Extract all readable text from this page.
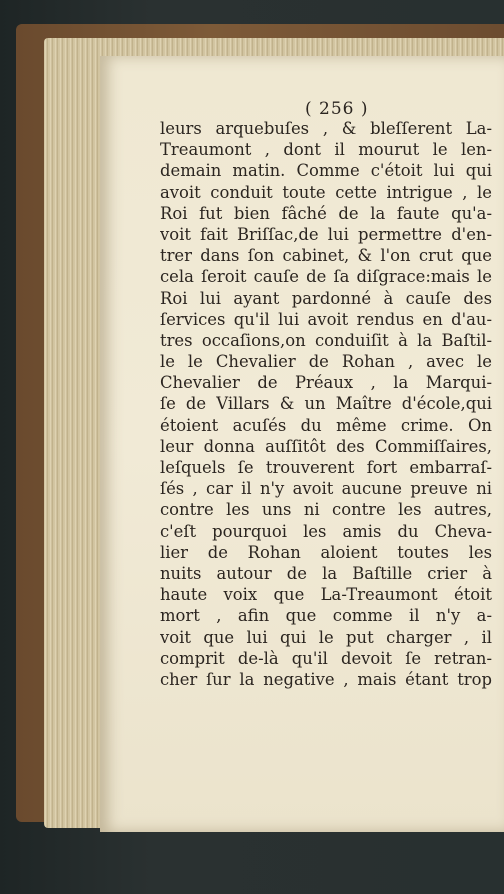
( 256 )
leurs arquebuſes , & bleſſerent La-
Treaumont , dont il mourut le len-
demain matin. Comme c'étoit lui qui
avoit conduit toute cette intrigue , le
Roi fut bien fâché de la faute qu'a-
voit fait Briſſac,de lui permettre d'en-
trer dans ſon cabinet, & l'on crut que
cela ſeroit cauſe de ſa diſgrace:mais le
Roi lui ayant pardonné à cauſe des
ſervices qu'il lui avoit rendus en d'au-
tres occaſions,on conduiſit à la Baſtil-
le le Chevalier de Rohan , avec le
Chevalier de Préaux , la Marqui-
ſe de Villars & un Maître d'école,qui
étoient acuſés du même crime. On
leur donna auſſitôt des Commiſſaires,
leſquels ſe trouverent fort embarraſ-
ſés , car il n'y avoit aucune preuve ni
contre les uns ni contre les autres,
c'eſt pourquoi les amis du Cheva-
lier de Rohan aloient toutes les
nuits autour de la Baſtille crier à
haute voix que La-Treaumont étoit
mort , afin que comme il n'y a-
voit que lui qui le put charger , il
comprit de-là qu'il devoit ſe retran-
cher ſur la negative , mais étant trop
